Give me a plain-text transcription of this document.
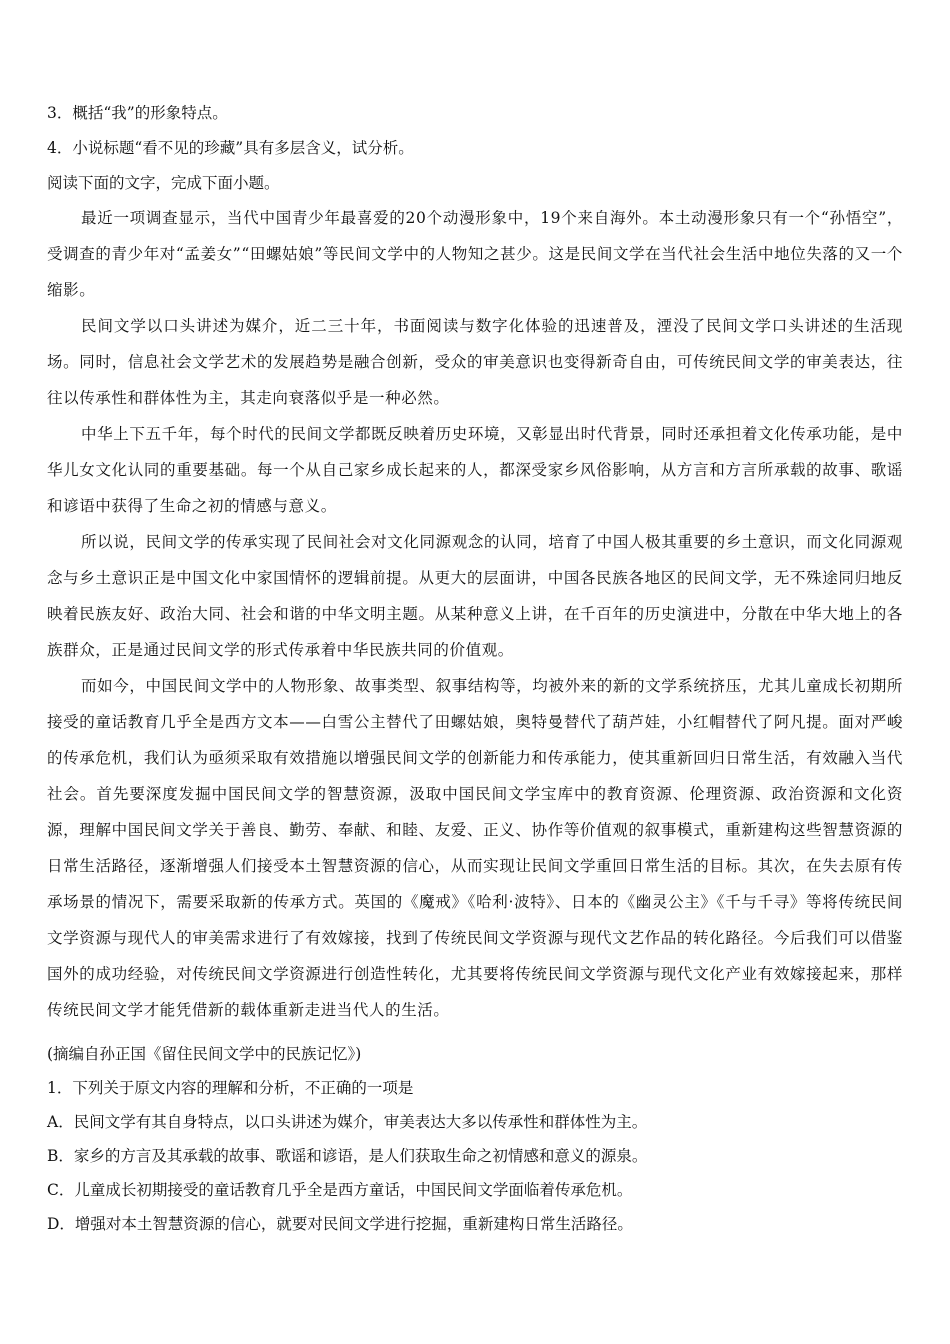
3．概括“我”的形象特点。
4．小说标题“看不见的珍藏”具有多层含义，试分析。
阅读下面的文字，完成下面小题。
最近一项调查显示，当代中国青少年最喜爱的20个动漫形象中，19个来自海外。本土动漫形象只有一个“孙悟空”，受调查的青少年对“孟姜女”“田螺姑娘”等民间文学中的人物知之甚少。这是民间文学在当代社会生活中地位失落的又一个缩影。
民间文学以口头讲述为媒介，近二三十年，书面阅读与数字化体验的迅速普及，湮没了民间文学口头讲述的生活现场。同时，信息社会文学艺术的发展趋势是融合创新，受众的审美意识也变得新奇自由，可传统民间文学的审美表达，往往以传承性和群体性为主，其走向衰落似乎是一种必然。
中华上下五千年，每个时代的民间文学都既反映着历史环境，又彰显出时代背景，同时还承担着文化传承功能，是中华儿女文化认同的重要基础。每一个从自己家乡成长起来的人，都深受家乡风俗影响，从方言和方言所承载的故事、歌谣和谚语中获得了生命之初的情感与意义。
所以说，民间文学的传承实现了民间社会对文化同源观念的认同，培育了中国人极其重要的乡土意识，而文化同源观念与乡土意识正是中国文化中家国情怀的逻辑前提。从更大的层面讲，中国各民族各地区的民间文学，无不殊途同归地反映着民族友好、政治大同、社会和谐的中华文明主题。从某种意义上讲，在千百年的历史演进中，分散在中华大地上的各族群众，正是通过民间文学的形式传承着中华民族共同的价值观。
而如今，中国民间文学中的人物形象、故事类型、叙事结构等，均被外来的新的文学系统挤压，尤其儿童成长初期所接受的童话教育几乎全是西方文本——白雪公主替代了田螺姑娘，奥特曼替代了葫芦娃，小红帽替代了阿凡提。面对严峻的传承危机，我们认为亟须采取有效措施以增强民间文学的创新能力和传承能力，使其重新回归日常生活，有效融入当代社会。首先要深度发掘中国民间文学的智慧资源，汲取中国民间文学宝库中的教育资源、伦理资源、政治资源和文化资源，理解中国民间文学关于善良、勤劳、奉献、和睦、友爱、正义、协作等价值观的叙事模式，重新建构这些智慧资源的日常生活路径，逐渐增强人们接受本土智慧资源的信心，从而实现让民间文学重回日常生活的目标。其次，在失去原有传承场景的情况下，需要采取新的传承方式。英国的《魔戒》《哈利·波特》、日本的《幽灵公主》《千与千寻》等将传统民间文学资源与现代人的审美需求进行了有效嫁接，找到了传统民间文学资源与现代文艺作品的转化路径。今后我们可以借鉴国外的成功经验，对传统民间文学资源进行创造性转化，尤其要将传统民间文学资源与现代文化产业有效嫁接起来，那样传统民间文学才能凭借新的载体重新走进当代人的生活。
(摘编自孙正国《留住民间文学中的民族记忆》)
1．下列关于原文内容的理解和分析，不正确的一项是
A．民间文学有其自身特点，以口头讲述为媒介，审美表达大多以传承性和群体性为主。
B．家乡的方言及其承载的故事、歌谣和谚语，是人们获取生命之初情感和意义的源泉。
C．儿童成长初期接受的童话教育几乎全是西方童话，中国民间文学面临着传承危机。
D．增强对本土智慧资源的信心，就要对民间文学进行挖掘，重新建构日常生活路径。
